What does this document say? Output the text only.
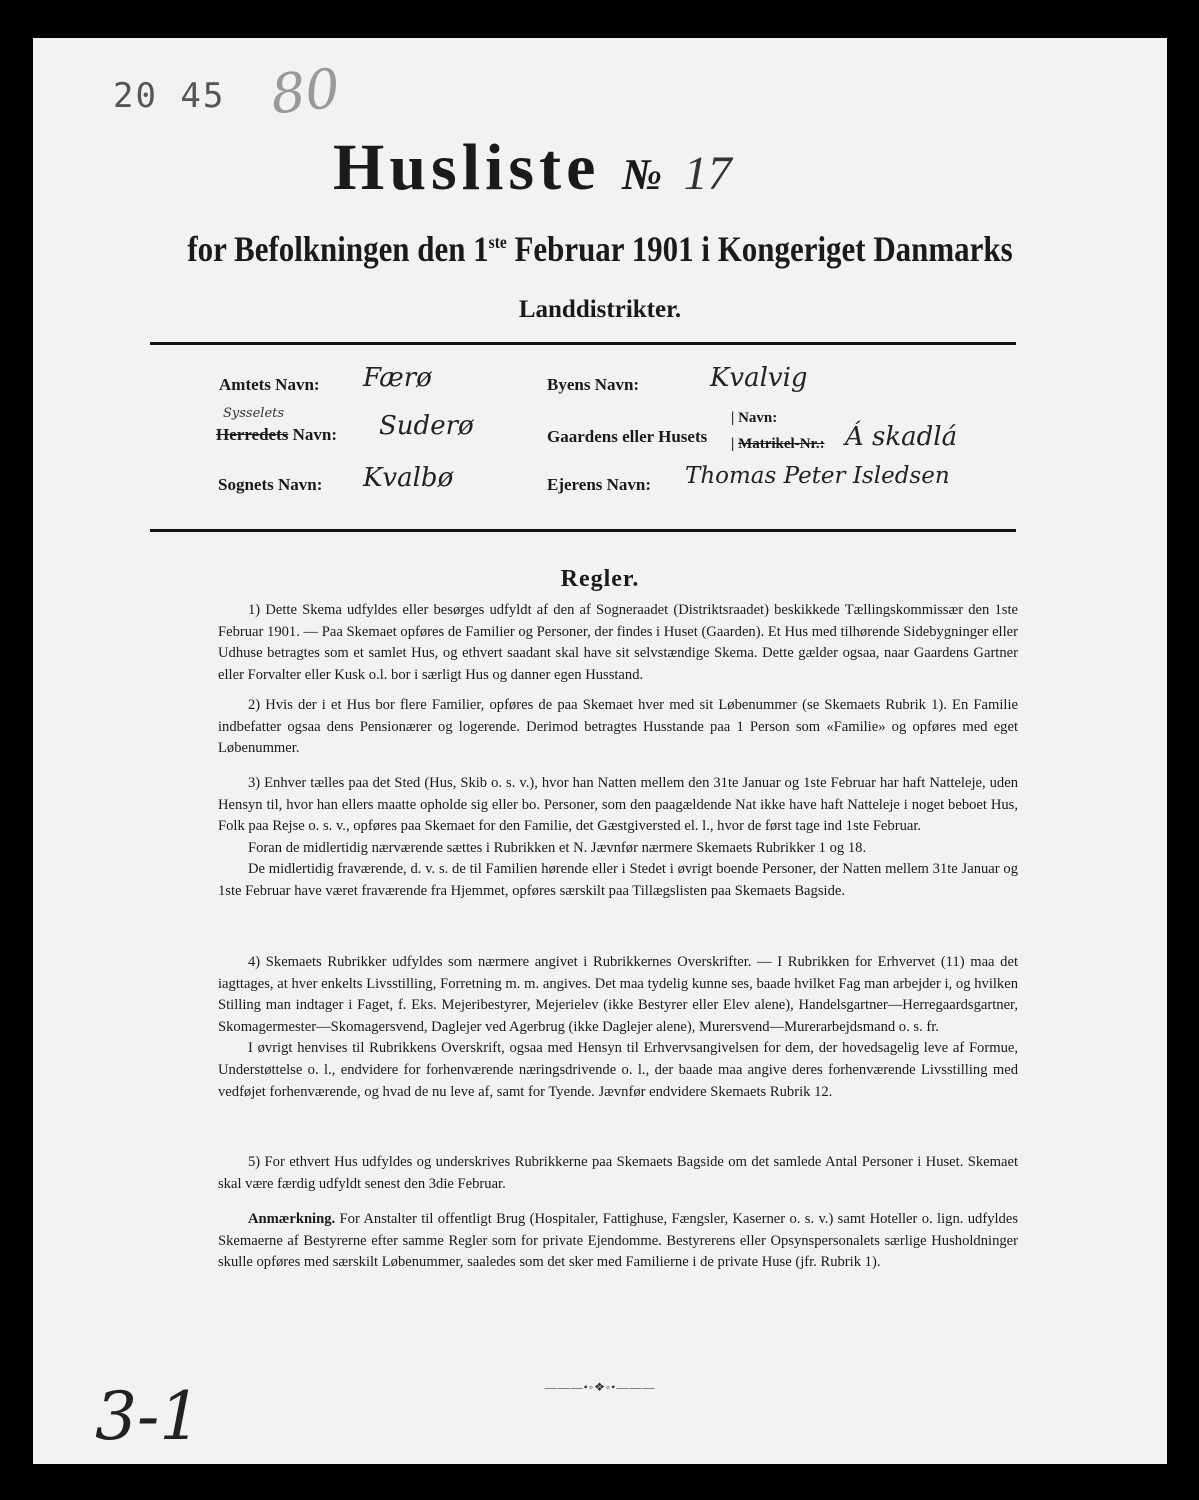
20 45 80
Husliste № 17
for Befolkningen den 1ste Februar 1901 i Kongeriget Danmarks
Landdistrikter.
Amtets Navn: Færø
Sysselets
Herredets Navn: Suderø
Sognets Navn: Kvalbø
Byens Navn:	Kvalvig
Gaardens eller Husets
| Navn:
| Matrikel-Nr.: Á skadlá
Ejerens Navn: Thomas Peter Isledsen
Regler.

1) Dette Skema udfyldes eller besørges udfyldt af den af Sogneraadet (Distriktsraadet) beskikkede Tællingskommissær den 1ste Februar 1901. — Paa Skemaet opføres de Familier og Personer, der findes i Huset (Gaarden). Et Hus med tilhørende Sidebygninger eller Udhuse betragtes som et samlet Hus, og ethvert saadant skal have sit selvstændige Skema. Dette gælder ogsaa, naar Gaardens Gartner eller Forvalter eller Kusk o.l. bor i særligt Hus og danner egen Husstand.

2) Hvis der i et Hus bor flere Familier, opføres de paa Skemaet hver med sit Løbenummer (se Skemaets Rubrik 1). En Familie indbefatter ogsaa dens Pensionærer og logerende. Derimod betragtes Husstande paa 1 Person som «Familie» og opføres med eget Løbenummer.

3) Enhver tælles paa det Sted (Hus, Skib o. s. v.), hvor han Natten mellem den 31te Januar og 1ste Februar har haft Natteleje, uden Hensyn til, hvor han ellers maatte opholde sig eller bo. Personer, som den paagældende Nat ikke have haft Natteleje i noget beboet Hus, Folk paa Rejse o. s. v., opføres paa Skemaet for den Familie, det Gæstgiversted el. l., hvor de først tage ind 1ste Februar.

Foran de midlertidig nærværende sættes i Rubrikken et N. Jævnfør nærmere Skemaets Rubrikker 1 og 18.

De midlertidig fraværende, d. v. s. de til Familien hørende eller i Stedet i øvrigt boende Personer, der Natten mellem 31te Januar og 1ste Februar have været fraværende fra Hjemmet, opføres særskilt paa Tillægslisten paa Skemaets Bagside.

4) Skemaets Rubrikker udfyldes som nærmere angivet i Rubrikkernes Overskrifter. — I Rubrikken for Erhvervet (11) maa det iagttages, at hver enkelts Livsstilling, Forretning m. m. angives. Det maa tydelig kunne ses, baade hvilket Fag man arbejder i, og hvilken Stilling man indtager i Faget, f. Eks. Mejeribestyrer, Mejerielev (ikke Bestyrer eller Elev alene), Handelsgartner—Herregaardsgartner, Skomagermester—Skomagersvend, Daglejer ved Agerbrug (ikke Daglejer alene), Murersvend—Murerarbejdsmand o. s. fr.

I øvrigt henvises til Rubrikkens Overskrift, ogsaa med Hensyn til Erhvervsangivelsen for dem, der hovedsagelig leve af Formue, Understøttelse o. l., endvidere for forhenværende næringsdrivende o. l., der baade maa angive deres forhenværende Livsstilling med vedføjet forhenværende, og hvad de nu leve af, samt for Tyende. Jævnfør endvidere Skemaets Rubrik 12.

5) For ethvert Hus udfyldes og underskrives Rubrikkerne paa Skemaets Bagside om det samlede Antal Personer i Huset. Skemaet skal være færdig udfyldt senest den 3die Februar.

Anmærkning. For Anstalter til offentligt Brug (Hospitaler, Fattighuse, Fængsler, Kaserner o. s. v.) samt Hoteller o. lign. udfyldes Skemaerne af Bestyrerne efter samme Regler som for private Ejendomme. Bestyrerens eller Opsynspersonalets særlige Husholdninger skulle opføres med særskilt Løbenummer, saaledes som det sker med Familierne i de private Huse (jfr. Rubrik 1).

———•◦❖◦•———
3-1
